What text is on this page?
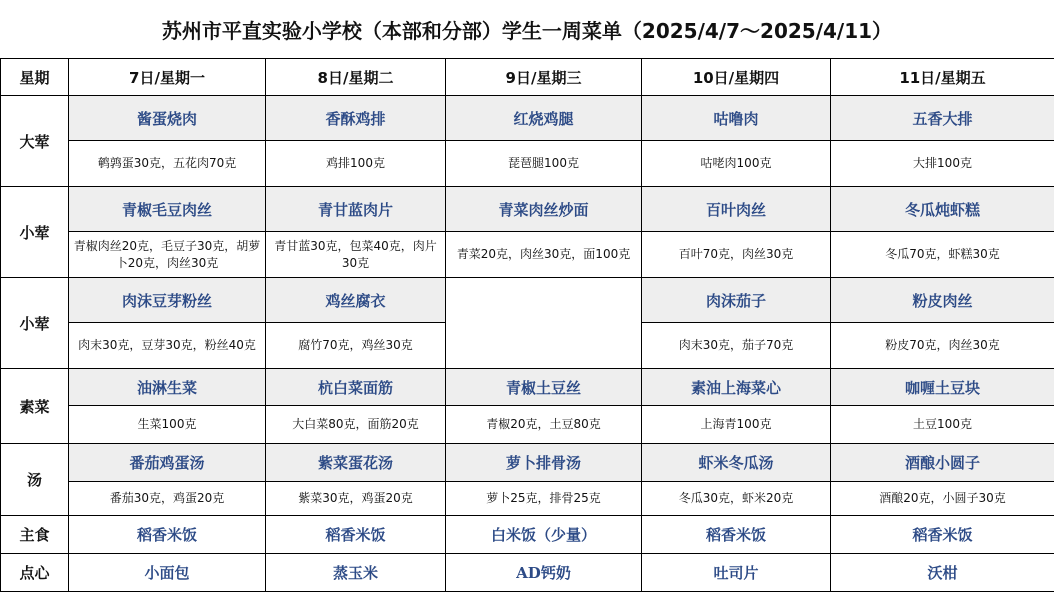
苏州市平直实验小学校（本部和分部）学生一周菜单（2025/4/7～2025/4/11）
星期	7日/星期一	8日/星期二	9日/星期三	10日/星期四	11日/星期五
大荤	酱蛋烧肉	香酥鸡排	红烧鸡腿	咕噜肉	五香大排
	鹌鹑蛋30克，五花肉70克	鸡排100克	琵琶腿100克	咕咾肉100克	大排100克
小荤	青椒毛豆肉丝	青甘蓝肉片	青菜肉丝炒面	百叶肉丝	冬瓜炖虾糕
	青椒肉丝20克，毛豆子30克，胡萝卜20克，肉丝30克	青甘蓝30克，包菜40克，肉片30克	青菜20克，肉丝30克，面100克	百叶70克，肉丝30克	冬瓜70克，虾糕30克
小荤	肉沫豆芽粉丝	鸡丝腐衣		肉沫茄子	粉皮肉丝
	肉末30克，豆芽30克，粉丝40克	腐竹70克，鸡丝30克		肉末30克，茄子70克	粉皮70克，肉丝30克
素菜	油淋生菜	杭白菜面筋	青椒土豆丝	素油上海菜心	咖喱土豆块
	生菜100克	大白菜80克，面筋20克	青椒20克，土豆80克	上海青100克	土豆100克
汤	番茄鸡蛋汤	紫菜蛋花汤	萝卜排骨汤	虾米冬瓜汤	酒酿小圆子
	番茄30克，鸡蛋20克	紫菜30克，鸡蛋20克	萝卜25克，排骨25克	冬瓜30克，虾米20克	酒酿20克，小圆子30克
主食	稻香米饭	稻香米饭	白米饭（少量）	稻香米饭	稻香米饭
点心	小面包	蒸玉米	AD钙奶	吐司片	沃柑
